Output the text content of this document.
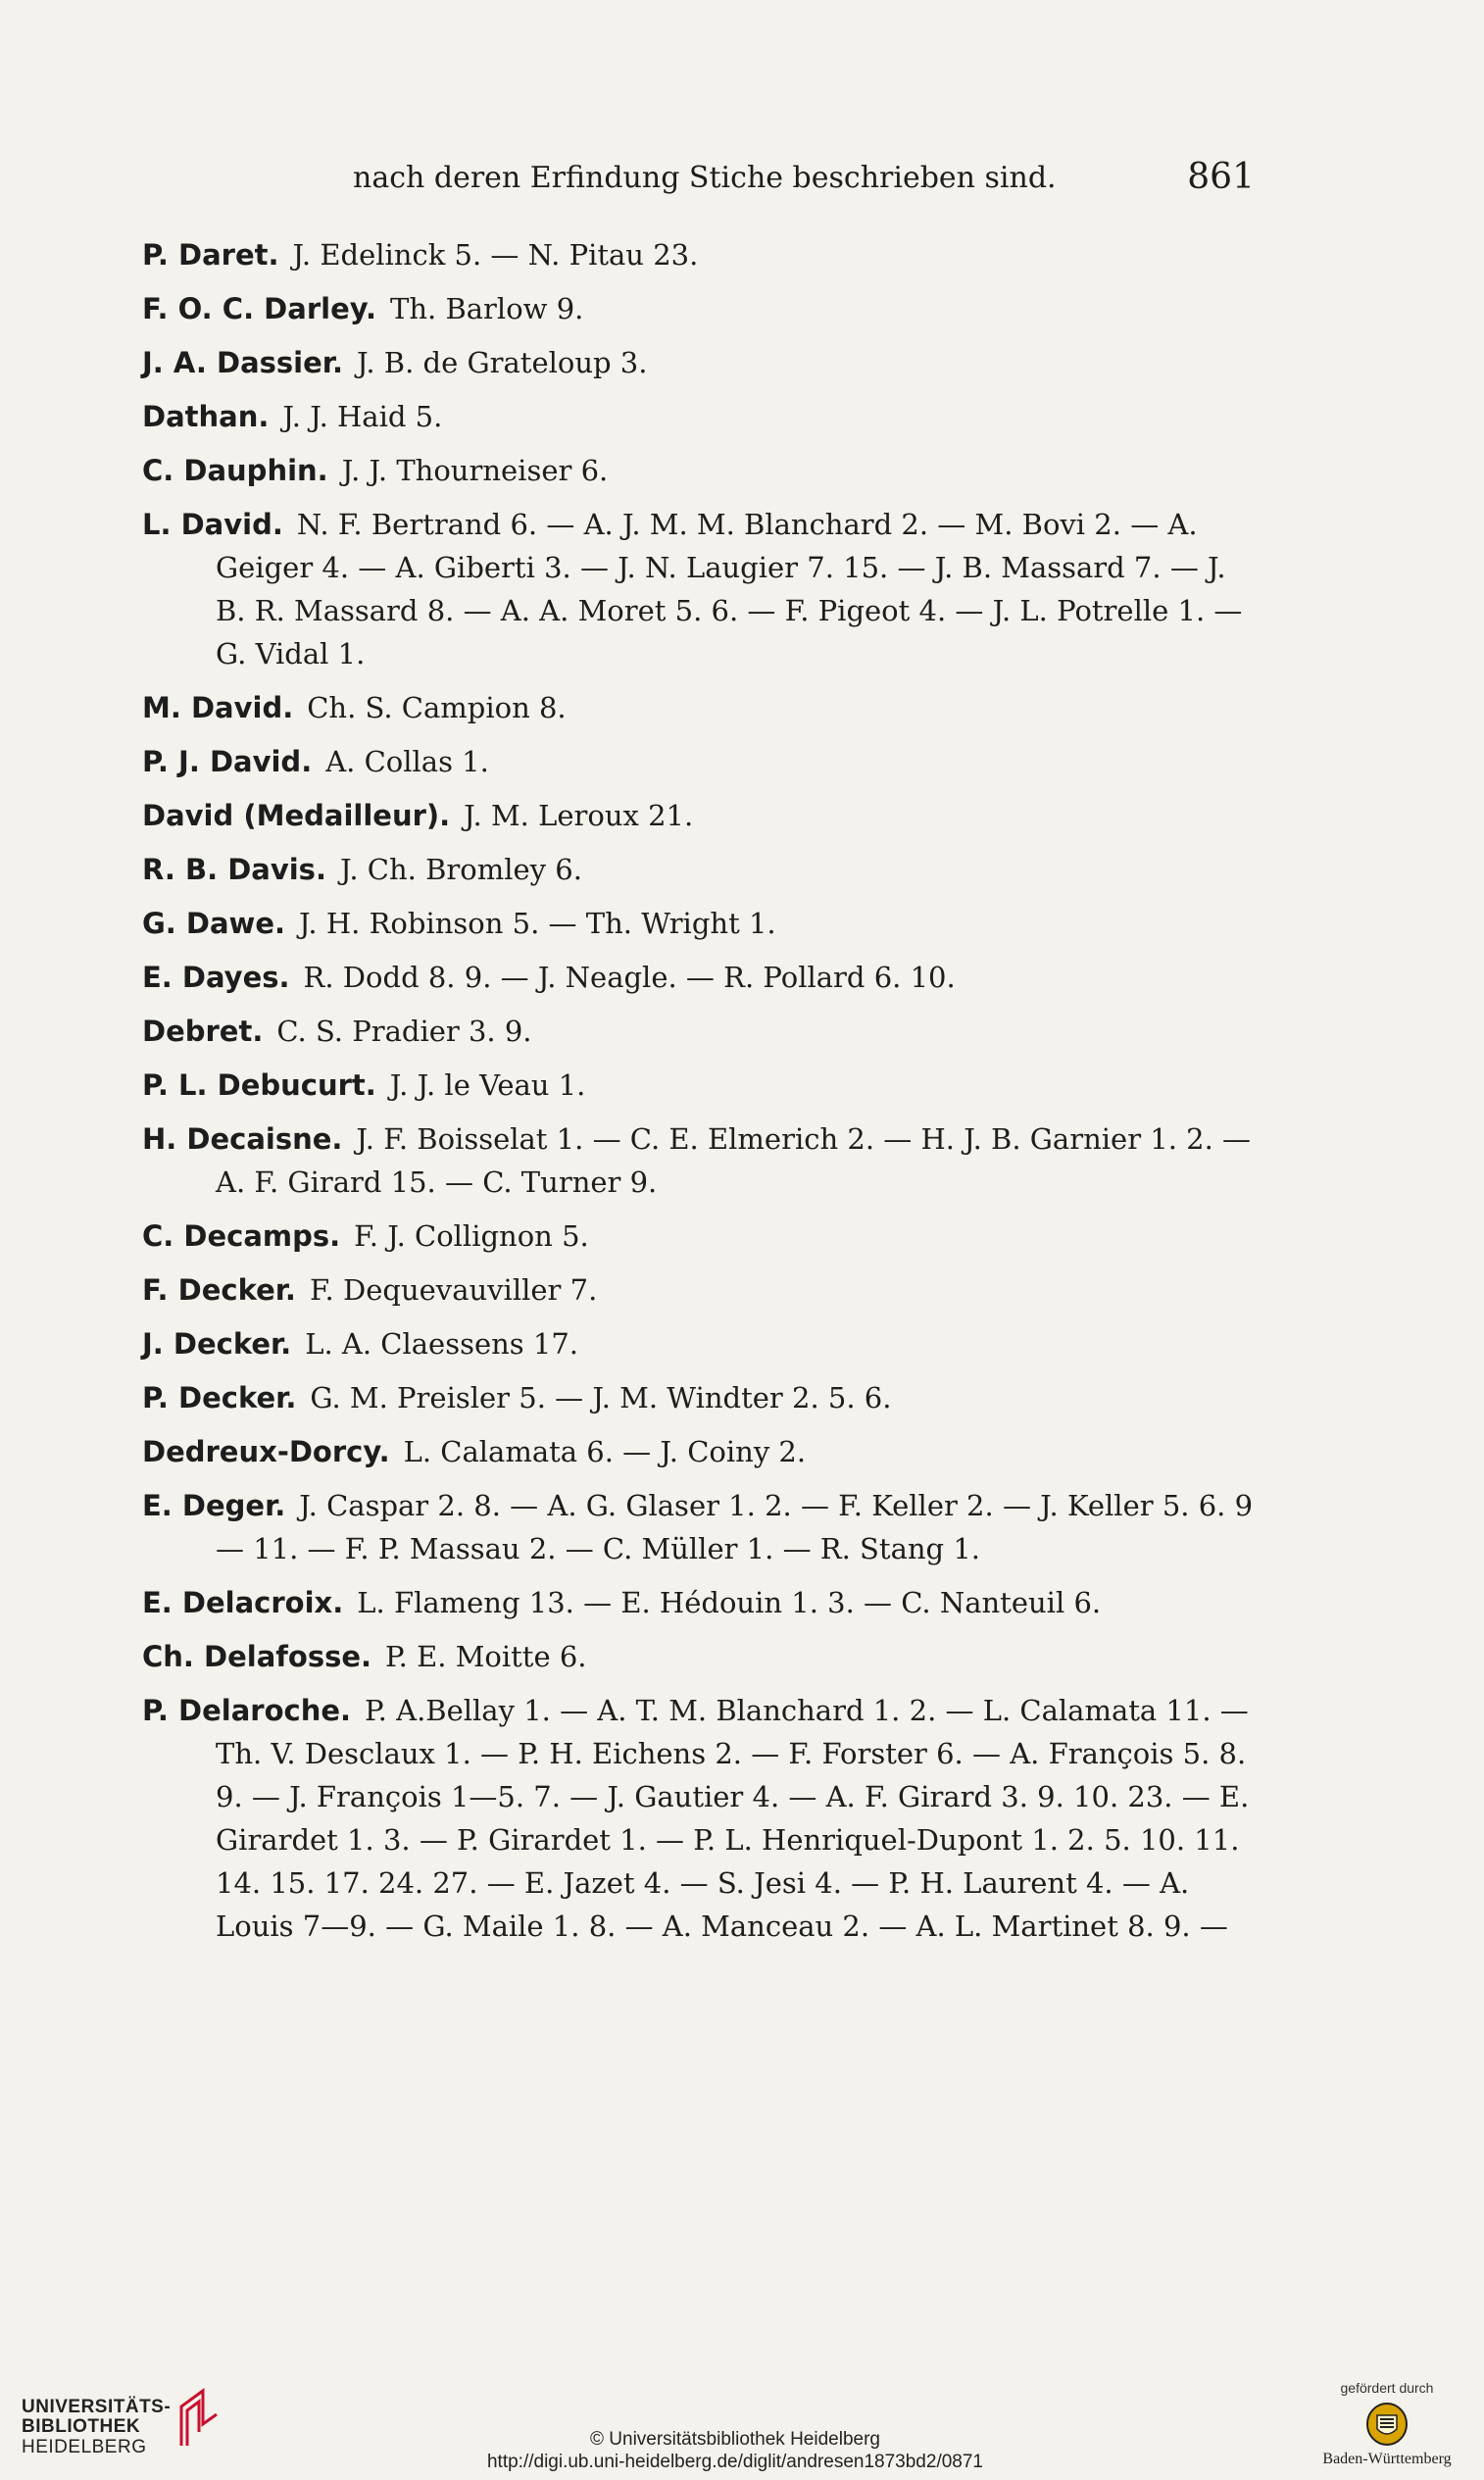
nach deren Erfindung Stiche beschrieben sind.	861
P. Daret. J. Edelinck 5. — N. Pitau 23.
F. O. C. Darley. Th. Barlow 9.
J. A. Dassier. J. B. de Grateloup 3.
Dathan. J. J. Haid 5.
C. Dauphin. J. J. Thourneiser 6.
L. David. N. F. Bertrand 6. — A. J. M. M. Blanchard 2. — M. Bovi 2. — A. Geiger 4. — A. Giberti 3. — J. N. Laugier 7. 15. — J. B. Massard 7. — J. B. R. Massard 8. — A. A. Moret 5. 6. — F. Pigeot 4. — J. L. Potrelle 1. — G. Vidal 1.
M. David. Ch. S. Campion 8.
P. J. David. A. Collas 1.
David (Medailleur). J. M. Leroux 21.
R. B. Davis. J. Ch. Bromley 6.
G. Dawe. J. H. Robinson 5. — Th. Wright 1.
E. Dayes. R. Dodd 8. 9. — J. Neagle. — R. Pollard 6. 10.
Debret. C. S. Pradier 3. 9.
P. L. Debucurt. J. J. le Veau 1.
H. Decaisne. J. F. Boisselat 1. — C. E. Elmerich 2. — H. J. B. Garnier 1. 2. — A. F. Girard 15. — C. Turner 9.
C. Decamps. F. J. Collignon 5.
F. Decker. F. Dequevauviller 7.
J. Decker. L. A. Claessens 17.
P. Decker. G. M. Preisler 5. — J. M. Windter 2. 5. 6.
Dedreux-Dorcy. L. Calamata 6. — J. Coiny 2.
E. Deger. J. Caspar 2. 8. — A. G. Glaser 1. 2. — F. Keller 2. — J. Keller 5. 6. 9 — 11. — F. P. Massau 2. — C. Müller 1. — R. Stang 1.
E. Delacroix. L. Flameng 13. — E. Hédouin 1. 3. — C. Nanteuil 6.
Ch. Delafosse. P. E. Moitte 6.
P. Delaroche. P. A.Bellay 1. — A. T. M. Blanchard 1. 2. — L. Calamata 11. — Th. V. Desclaux 1. — P. H. Eichens 2. — F. Forster 6. — A. François 5. 8. 9. — J. François 1—5. 7. — J. Gautier 4. — A. F. Girard 3. 9. 10. 23. — E. Girardet 1. 3. — P. Girardet 1. — P. L. Henriquel-Dupont 1. 2. 5. 10. 11. 14. 15. 17. 24. 27. — E. Jazet 4. — S. Jesi 4. — P. H. Laurent 4. — A. Louis 7—9. — G. Maile 1. 8. — A. Manceau 2. — A. L. Martinet 8. 9. —
UNIVERSITÄTS-
BIBLIOTHEK
HEIDELBERG	© Universitätsbibliothek Heidelberg
http://digi.ub.uni-heidelberg.de/diglit/andresen1873bd2/0871
gefördert durch
Baden-Württemberg
